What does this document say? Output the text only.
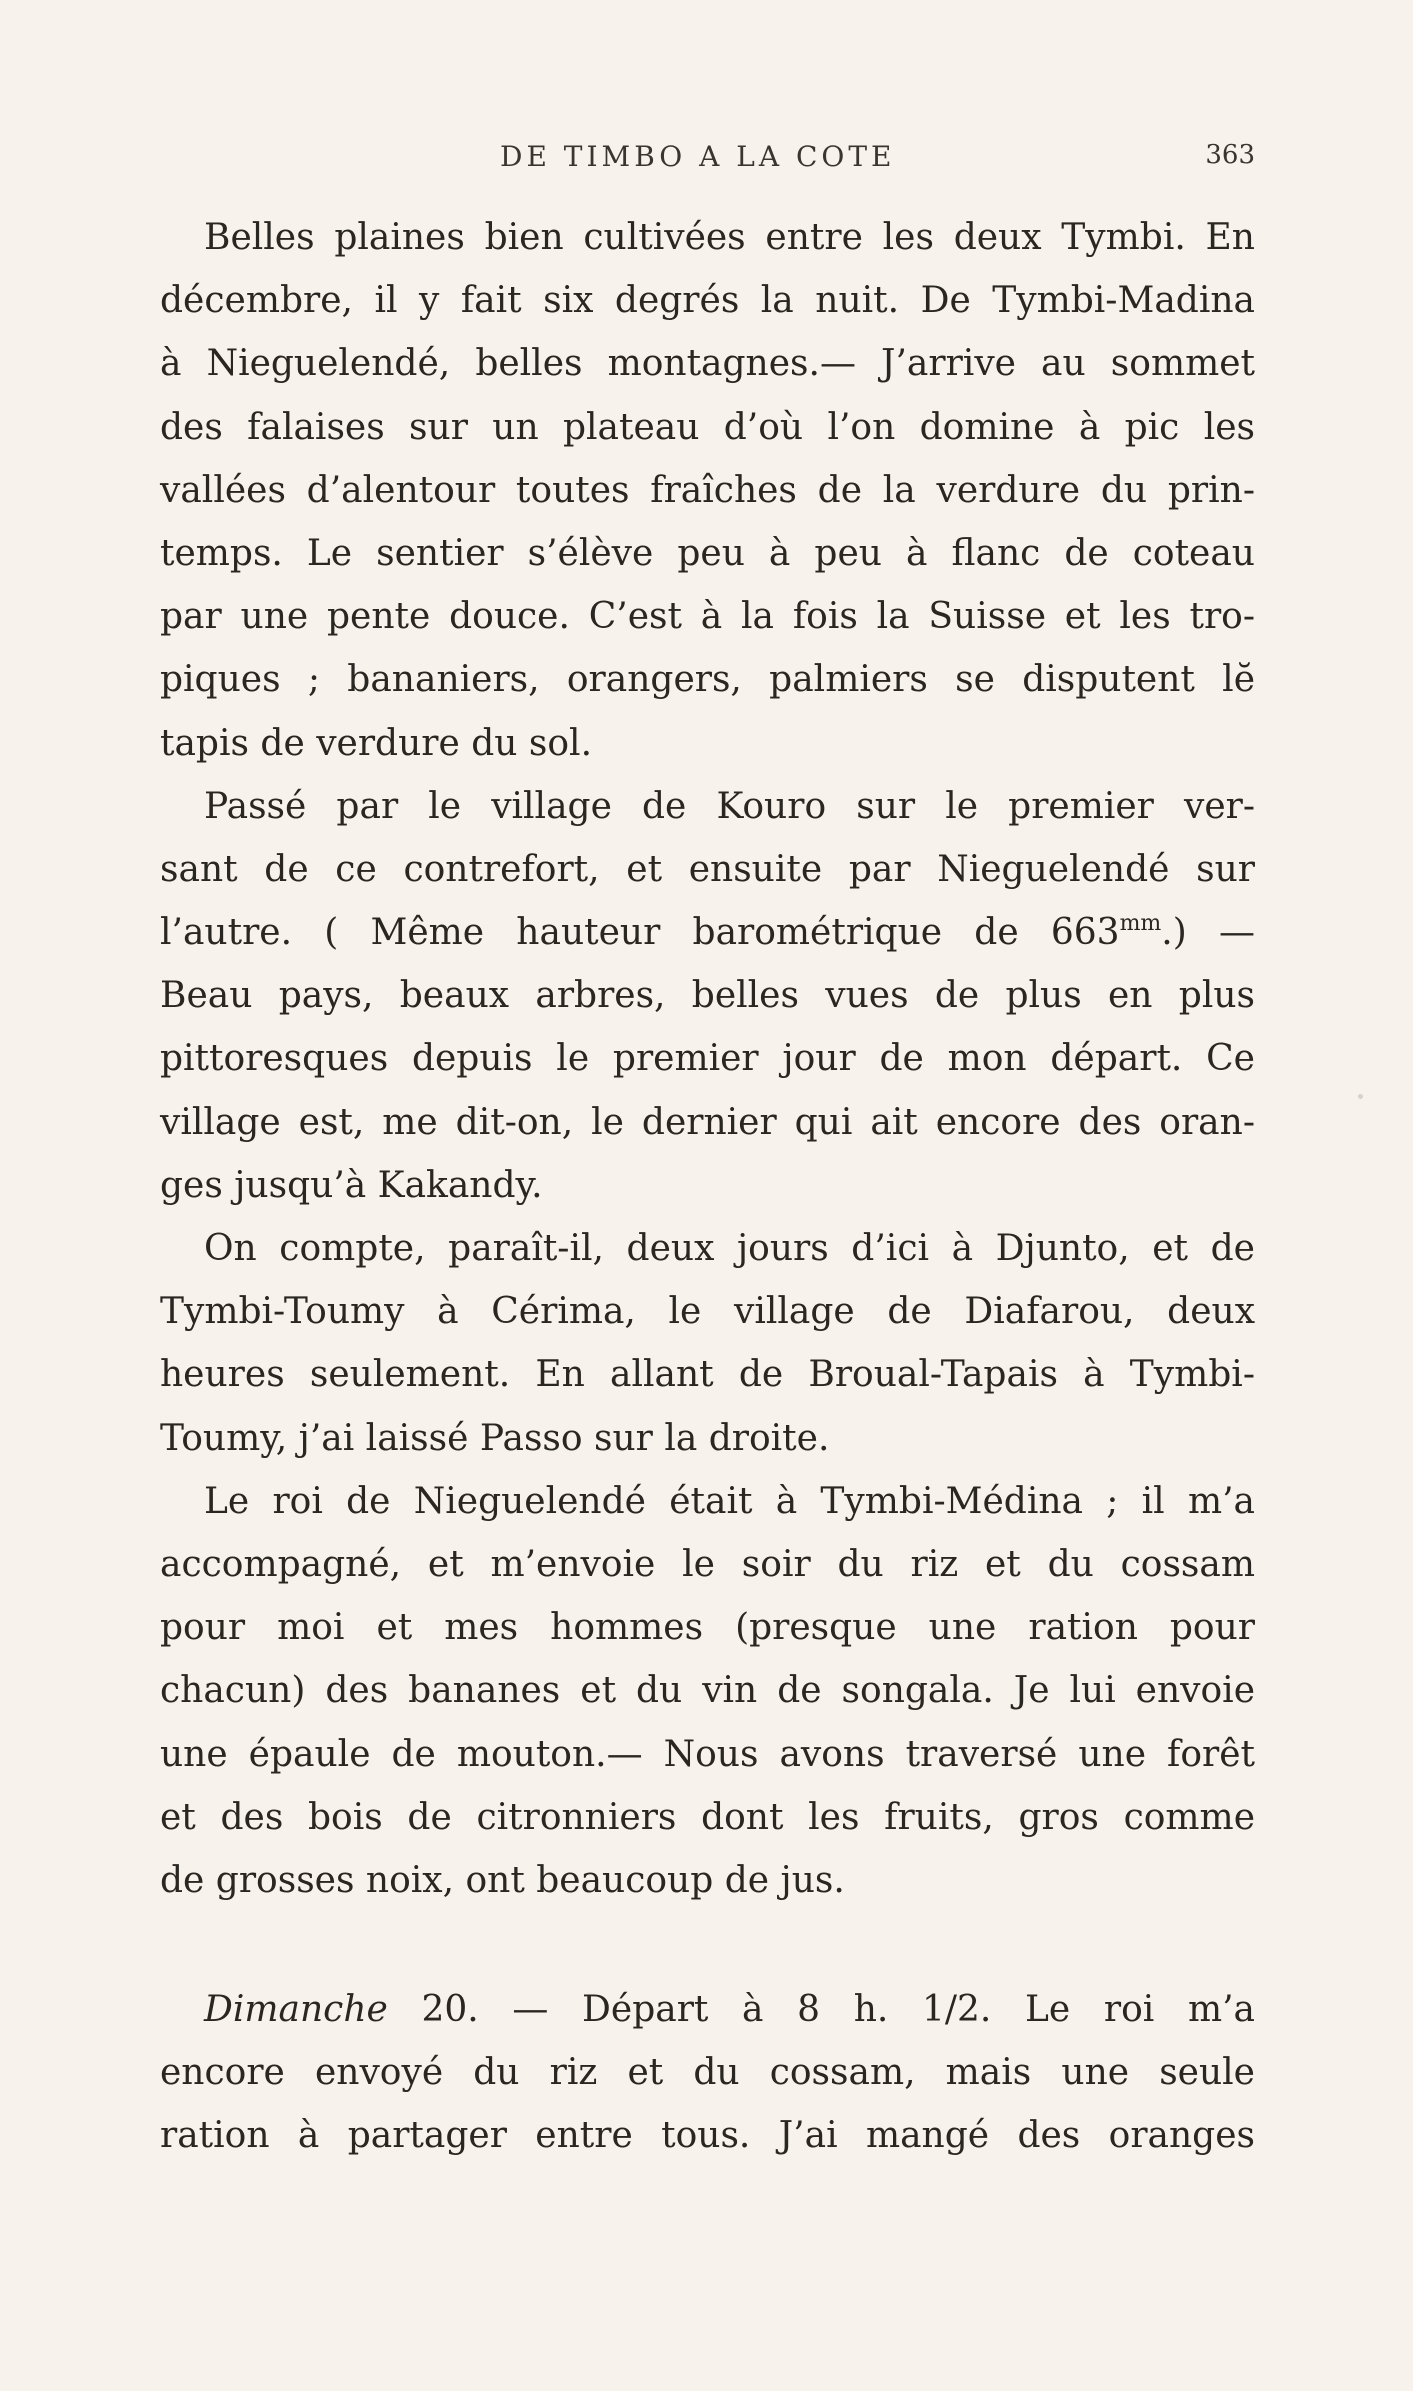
DE TIMBO A LA COTE	363
Belles plaines bien cultivées entre les deux Tymbi. En
décembre, il y fait six degrés la nuit. De Tymbi-Madina
à Nieguelendé, belles montagnes.— J’arrive au sommet
des falaises sur un plateau d’où l’on domine à pic les
vallées d’alentour toutes fraîches de la verdure du prin-
temps. Le sentier s’élève peu à peu à flanc de coteau
par une pente douce. C’est à la fois la Suisse et les tro-
piques ; bananiers, orangers, palmiers se disputent lĕ
tapis de verdure du sol.
Passé par le village de Kouro sur le premier ver-
sant de ce contrefort, et ensuite par Nieguelendé sur
l’autre. ( Même hauteur barométrique de $663^{mm}$.) —
Beau pays, beaux arbres, belles vues de plus en plus
pittoresques depuis le premier jour de mon départ. Ce
village est, me dit-on, le dernier qui ait encore des oran-
ges jusqu’à Kakandy.
On compte, paraît-il, deux jours d’ici à Djunto, et de
Tymbi-Toumy à Cérima, le village de Diafarou, deux
heures seulement. En allant de Broual-Tapais à Tymbi-
Toumy, j’ai laissé Passo sur la droite.
Le roi de Nieguelendé était à Tymbi-Médina ; il m’a
accompagné, et m’envoie le soir du riz et du cossam
pour moi et mes hommes (presque une ration pour
chacun) des bananes et du vin de songala. Je lui envoie
une épaule de mouton.— Nous avons traversé une forêt
et des bois de citronniers dont les fruits, gros comme
de grosses noix, ont beaucoup de jus.
Dimanche 20. — Départ à 8 h. 1/2. Le roi m’a
encore envoyé du riz et du cossam, mais une seule
ration à partager entre tous. J’ai mangé des oranges
